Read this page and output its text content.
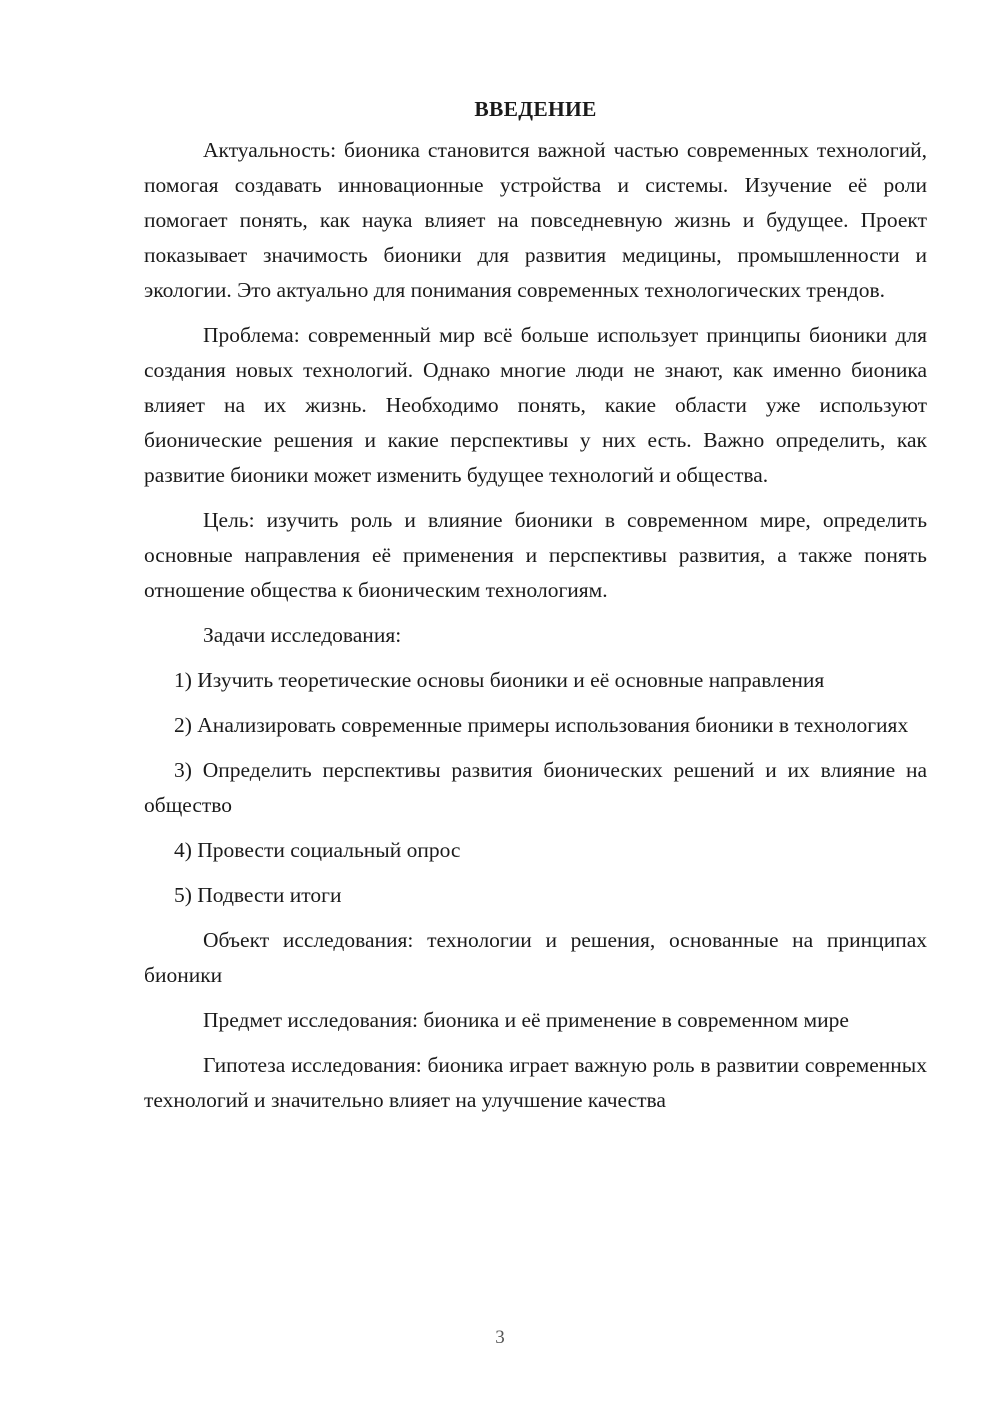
ВВЕДЕНИЕ

Актуальность: бионика становится важной частью современных технологий, помогая создавать инновационные устройства и системы. Изучение её роли помогает понять, как наука влияет на повседневную жизнь и будущее. Проект показывает значимость бионики для развития медицины, промышленности и экологии. Это актуально для понимания современных технологических трендов.

Проблема: современный мир всё больше использует принципы бионики для создания новых технологий. Однако многие люди не знают, как именно бионика влияет на их жизнь. Необходимо понять, какие области уже используют бионические решения и какие перспективы у них есть. Важно определить, как развитие бионики может изменить будущее технологий и общества.

Цель: изучить роль и влияние бионики в современном мире, определить основные направления её применения и перспективы развития, а также понять отношение общества к бионическим технологиям.

Задачи исследования:

1) Изучить теоретические основы бионики и её основные направления

2) Анализировать современные примеры использования бионики в технологиях

3) Определить перспективы развития бионических решений и их влияние на общество

4) Провести социальный опрос

5) Подвести итоги

Объект исследования: технологии и решения, основанные на принципах бионики

Предмет исследования: бионика и её применение в современном мире

Гипотеза исследования: бионика играет важную роль в развитии современных технологий и значительно влияет на улучшение качества

3
